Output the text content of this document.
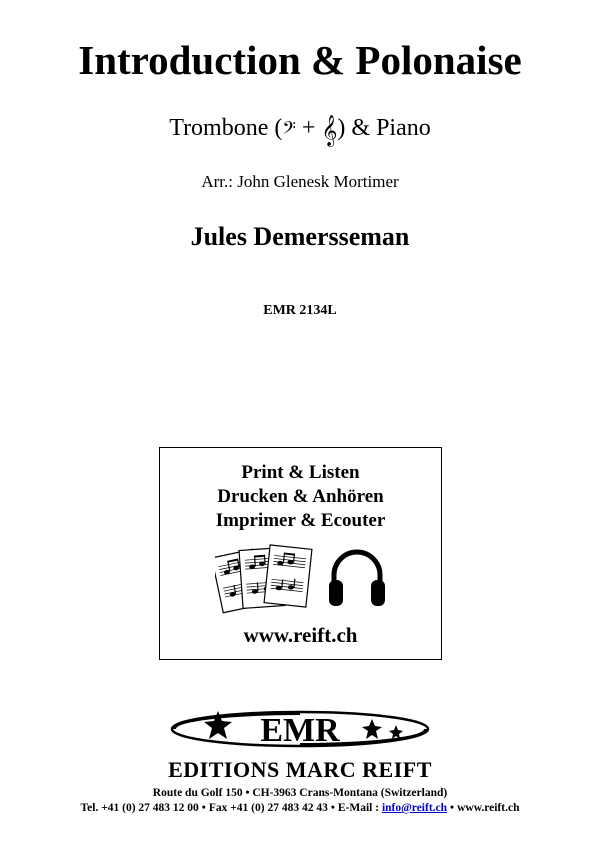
Introduction & Polonaise
Trombone (𝄢 + 𝄞) & Piano
Arr.: John Glenesk Mortimer
Jules Demersseman
EMR 2134L
Print & Listen
Drucken & Anhören
Imprimer & Ecouter
www.reift.ch
EMR
EDITIONS MARC REIFT
Route du Golf 150 • CH-3963 Crans-Montana (Switzerland)
Tel. +41 (0) 27 483 12 00 • Fax +41 (0) 27 483 42 43 • E-Mail : info@reift.ch • www.reift.ch
